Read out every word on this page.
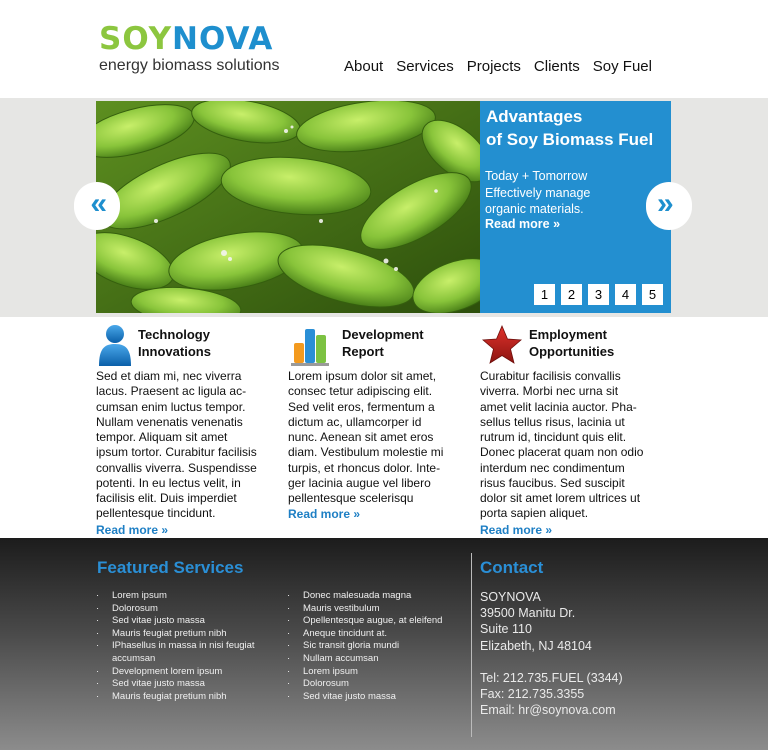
SOYNOVA
energy biomass solutions	About Services Projects Clients Soy Fuel
Advantages
of Soy Biomass Fuel
Today + Tomorrow
Effectively manage
organic materials.
Read more »
1	2	3	4	5
«	»
Technology
Innovations
Sed et diam mi, nec viverra
lacus. Praesent ac ligula ac-
cumsan enim luctus tempor.
Nullam venenatis venenatis
tempor. Aliquam sit amet
ipsum tortor. Curabitur facilisis
convallis viverra. Suspendisse
potenti. In eu lectus velit, in
facilisis elit. Duis imperdiet
pellentesque tincidunt.
Read more »
Development
Report
Lorem ipsum dolor sit amet,
consec tetur adipiscing elit.
Sed velit eros, fermentum a
dictum ac, ullamcorper id
nunc. Aenean sit amet eros
diam. Vestibulum molestie mi
turpis, et rhoncus dolor. Inte-
ger lacinia augue vel libero
pellentesque scelerisqu
Read more »
Employment
Opportunities
Curabitur facilisis convallis
viverra. Morbi nec urna sit
amet velit lacinia auctor. Pha-
sellus tellus risus, lacinia ut
rutrum id, tincidunt quis elit.
Donec placerat quam non odio
interdum nec condimentum
risus faucibus. Sed suscipit
dolor sit amet lorem ultrices ut
porta sapien aliquet.
Read more »
Featured Services
· Lorem ipsum
· Dolorosum
· Sed vitae justo massa
· Mauris feugiat pretium nibh
· IPhasellus in massa in nisi feugiat accumsan
· Development lorem ipsum
· Sed vitae justo massa
· Mauris feugiat pretium nibh
· Donec malesuada magna
· Mauris vestibulum
· Opellentesque augue, at eleifend
· Aneque tincidunt at.
· Sic transit gloria mundi
· Nullam accumsan
· Lorem ipsum
· Dolorosum
· Sed vitae justo massa
Contact
SOYNOVA
39500 Manitu Dr.
Suite 110
Elizabeth, NJ 48104
Tel: 212.735.FUEL (3344)
Fax: 212.735.3355
Email: hr@soynova.com
